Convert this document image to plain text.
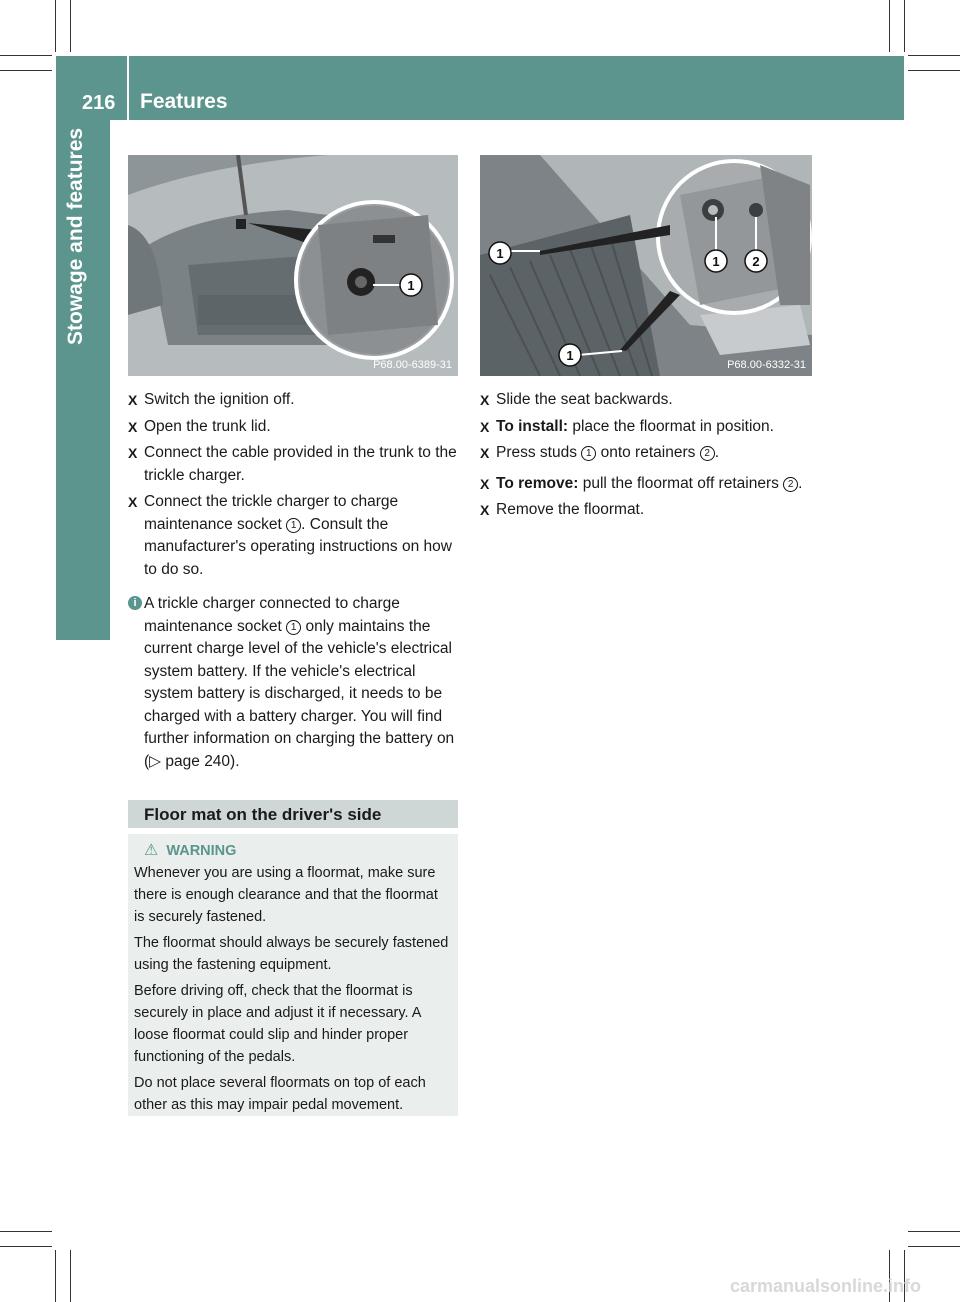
216 Features
Stowage and features	1
P68.00-6389-31
1
1	2
1
P68.00-6332-31
X Switch the ignition off.
X Open the trunk lid.
X Connect the cable provided in the trunk to the trickle charger.
X Connect the trickle charger to charge maintenance socket 1 . Consult the manufacturer's operating instructions on how to do so.
i A trickle charger connected to charge maintenance socket 1 only maintains the current charge level of the vehicle's electrical system battery. If the vehicle's electrical system battery is discharged, it needs to be charged with a battery charger. You will find further information on charging the battery on (▷ page 240).
Floor mat on the driver's side
⚠ WARNING

Whenever you are using a floormat, make sure there is enough clearance and that the floormat is securely fastened.

The floormat should always be securely fastened using the fastening equipment.

Before driving off, check that the floormat is securely in place and adjust it if necessary. A loose floormat could slip and hinder proper functioning of the pedals.

Do not place several floormats on top of each other as this may impair pedal movement.

X Slide the seat backwards.
X To install: place the floormat in position.
X Press studs 1 onto retainers 2 .
X To remove: pull the floormat off retainers 2 .
X Remove the floormat.
carmanualsonline.info
